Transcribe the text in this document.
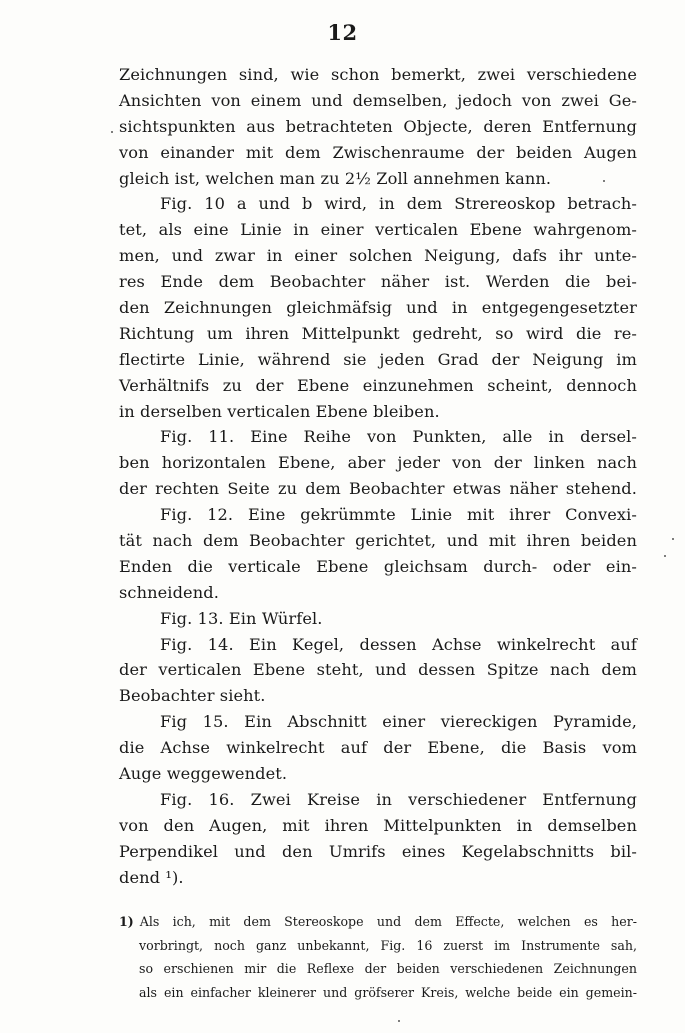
12
Zeichnungen sind, wie schon bemerkt, zwei verschiedene
Ansichten von einem und demselben, jedoch von zwei Ge-
sichtspunkten aus betrachteten Objecte, deren Entfernung
von einander mit dem Zwischenraume der beiden Augen
gleich ist, welchen man zu 2½ Zoll annehmen kann.
Fig. 10 a und b wird, in dem Strereoskop betrach-
tet, als eine Linie in einer verticalen Ebene wahrgenom-
men, und zwar in einer solchen Neigung, dafs ihr unte-
res Ende dem Beobachter näher ist. Werden die bei-
den Zeichnungen gleichmäfsig und in entgegengesetzter
Richtung um ihren Mittelpunkt gedreht, so wird die re-
flectirte Linie, während sie jeden Grad der Neigung im
Verhältnifs zu der Ebene einzunehmen scheint, dennoch
in derselben verticalen Ebene bleiben.
Fig. 11. Eine Reihe von Punkten, alle in dersel-
ben horizontalen Ebene, aber jeder von der linken nach
der rechten Seite zu dem Beobachter etwas näher stehend.
Fig. 12. Eine gekrümmte Linie mit ihrer Convexi-
tät nach dem Beobachter gerichtet, und mit ihren beiden
Enden die verticale Ebene gleichsam durch- oder ein-
schneidend.
Fig. 13. Ein Würfel.
Fig. 14. Ein Kegel, dessen Achse winkelrecht auf
der verticalen Ebene steht, und dessen Spitze nach dem
Beobachter sieht.
Fig 15. Ein Abschnitt einer viereckigen Pyramide,
die Achse winkelrecht auf der Ebene, die Basis vom
Auge weggewendet.
Fig. 16. Zwei Kreise in verschiedener Entfernung
von den Augen, mit ihren Mittelpunkten in demselben
Perpendikel und den Umrifs eines Kegelabschnitts bil-
dend ¹).
1) Als ich, mit dem Stereoskope und dem Effecte, welchen es her-
vorbringt, noch ganz unbekannt, Fig. 16 zuerst im Instrumente sah,
so erschienen mir die Reflexe der beiden verschiedenen Zeichnungen
als ein einfacher kleinerer und gröfserer Kreis, welche beide ein gemein-
